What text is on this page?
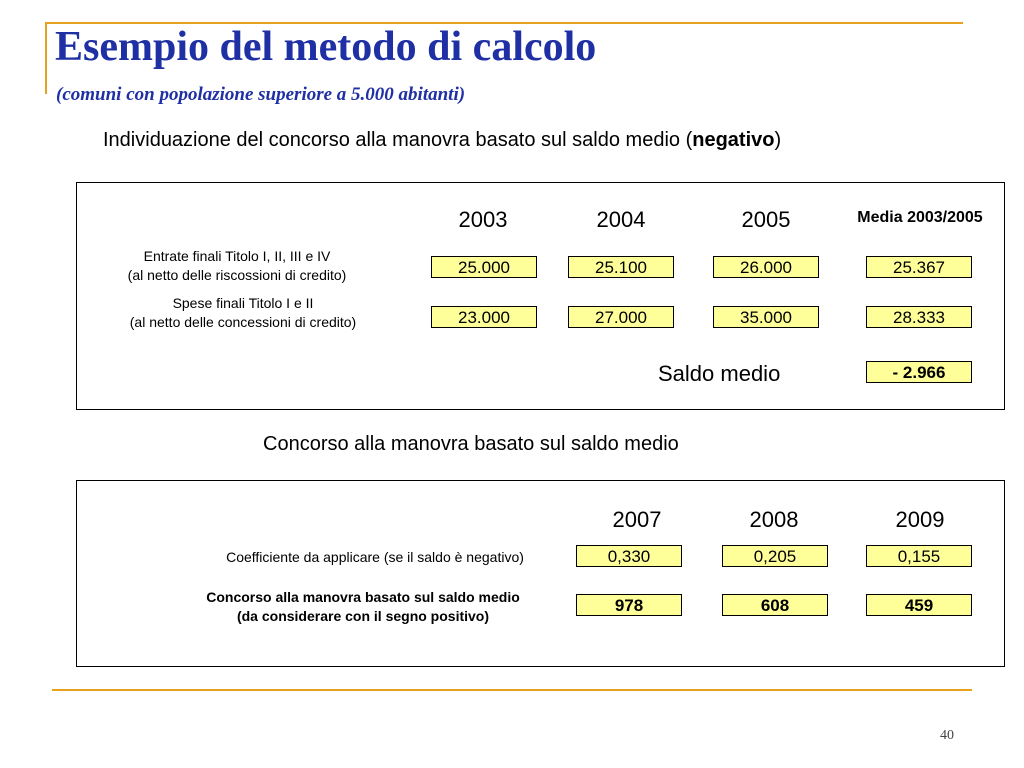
Esempio del metodo di calcolo
(comuni con popolazione superiore a 5.000 abitanti)
Individuazione del concorso alla manovra basato sul saldo medio (negativo)
2003	2004	2005	Media 2003/2005
Entrate finali Titolo I, II, III e IV
(al netto delle riscossioni di credito)	25.000	25.100	26.000	25.367
Spese finali Titolo I e II
(al netto delle concessioni di credito)	23.000	27.000	35.000	28.333
Saldo medio	- 2.966
Concorso alla manovra basato sul saldo medio
2007	2008	2009
Coefficiente da applicare (se il saldo è negativo)	0,330	0,205	0,155
Concorso alla manovra basato sul saldo medio
(da considerare con il segno positivo)
978	608	459
40
